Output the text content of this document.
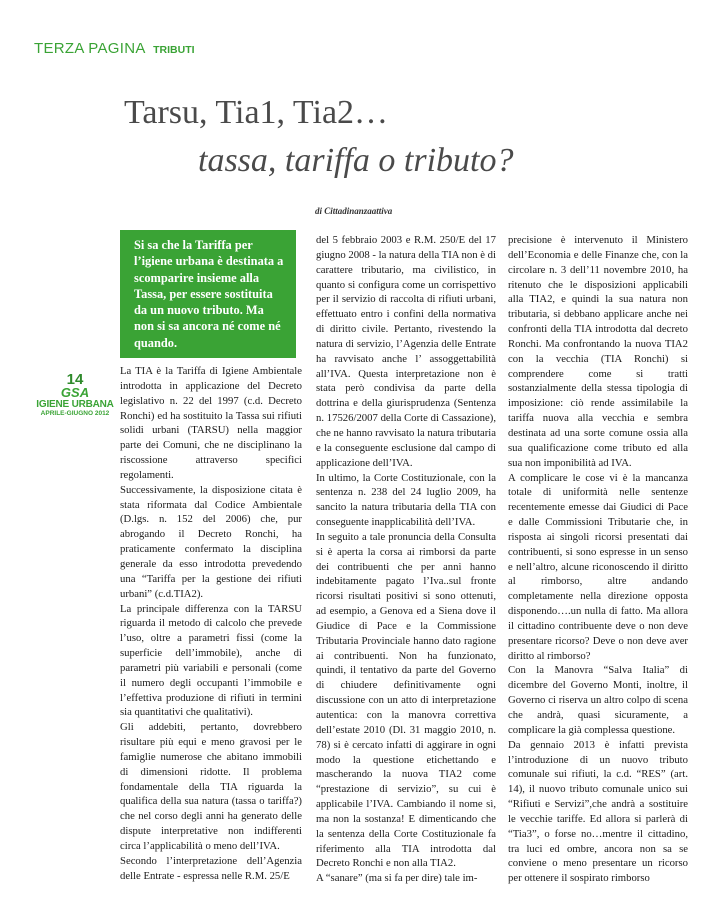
TERZA PAGINA TRIBUTI
Tarsu, Tia1, Tia2…
tassa, tariffa o tributo?
di Cittadinanzaattiva
Si sa che la Tariffa per l’igiene urbana è destinata a scomparire insieme alla Tassa, per essere sostituita da un nuovo tributo. Ma non si sa ancora né come né quando.
14
GSA
IGIENE URBANA
APRILE-GIUGNO 2012

La TIA è la Tariffa di Igiene Ambientale introdotta in applicazione del Decreto legislativo n. 22 del 1997 (c.d. Decreto Ronchi) ed ha sostituito la Tassa sui rifiuti solidi urbani (TARSU) nella maggior parte dei Comuni, che ne disciplinano la riscossione attraverso specifici regolamenti.

Successivamente, la disposizione citata è stata riformata dal Codice Ambientale (D.lgs. n. 152 del 2006) che, pur abrogando il Decreto Ronchi, ha praticamente confermato la disciplina generale da esso introdotta prevedendo una “Tariffa per la gestione dei rifiuti urbani” (c.d.TIA2).

La principale differenza con la TARSU riguarda il metodo di calcolo che prevede l’uso, oltre a parametri fissi (come la superficie dell’immobile), anche di parametri più variabili e personali (come il numero degli occupanti l’immobile e l’effettiva produzione di rifiuti in termini sia quantitativi che qualitativi).

Gli addebiti, pertanto, dovrebbero risultare più equi e meno gravosi per le famiglie numerose che abitano immobili di dimensioni ridotte. Il problema fondamentale della TIA riguarda la qualifica della sua natura (tassa o tariffa?) che nel corso degli anni ha generato delle dispute interpretative non indifferenti circa l’applicabilità o meno dell’IVA.

Secondo l’interpretazione dell’Agenzia delle Entrate - espressa nelle R.M. 25/E

del 5 febbraio 2003 e R.M. 250/E del 17 giugno 2008 - la natura della TIA non è di carattere tributario, ma civilistico, in quanto si configura come un corrispettivo per il servizio di raccolta di rifiuti urbani, effettuato entro i confini della normativa di diritto civile. Pertanto, rivestendo la natura di servizio, l’Agenzia delle Entrate ha ravvisato anche l’ assoggettabilità all’IVA. Questa interpretazione non è stata però condivisa da parte della dottrina e della giurisprudenza (Sentenza n. 17526/2007 della Corte di Cassazione), che ne hanno ravvisato la natura tributaria e la conseguente esclusione dal campo di applicazione dell’IVA.

In ultimo, la Corte Costituzionale, con la sentenza n. 238 del 24 luglio 2009, ha sancito la natura tributaria della TIA con conseguente inapplicabilità dell’IVA.

In seguito a tale pronuncia della Consulta si è aperta la corsa ai rimborsi da parte dei contribuenti che per anni hanno indebitamente pagato l’Iva..sul fronte ricorsi risultati positivi si sono ottenuti, ad esempio, a Genova ed a Siena dove il Giudice di Pace e la Commissione Tributaria Provinciale hanno dato ragione ai contribuenti. Non ha funzionato, quindi, il tentativo da parte del Governo di chiudere definitivamente ogni discussione con un atto di interpretazione autentica: con la manovra correttiva dell’estate 2010 (Dl. 31 maggio 2010, n. 78) si è cercato infatti di aggirare in ogni modo la questione etichettando e mascherando la nuova TIA2 come “prestazione di servizio”, su cui è applicabile l’IVA. Cambiando il nome sì, ma non la sostanza! E dimenticando che la sentenza della Corte Costituzionale fa riferimento alla TIA introdotta dal Decreto Ronchi e non alla TIA2.

A “sanare” (ma si fa per dire) tale im-

precisione è intervenuto il Ministero dell’Economia e delle Finanze che, con la circolare n. 3 dell’11 novembre 2010, ha ritenuto che le disposizioni applicabili alla TIA2, e quindi la sua natura non tributaria, si debbano applicare anche nei confronti della TIA introdotta dal decreto Ronchi. Ma confrontando la nuova TIA2 con la vecchia (TIA Ronchi) si comprendere come si tratti sostanzialmente della stessa tipologia di imposizione: ciò rende assimilabile la tariffa nuova alla vecchia e sembra destinata ad una sorte comune ossia alla sua qualificazione come tributo ed alla sua non imponibilità ad IVA.

A complicare le cose vi è la mancanza totale di uniformità nelle sentenze recentemente emesse dai Giudici di Pace e dalle Commissioni Tributarie che, in risposta ai singoli ricorsi presentati dai contribuenti, si sono espresse in un senso e nell’altro, alcune riconoscendo il diritto al rimborso, altre andando completamente nella direzione opposta disponendo….un nulla di fatto. Ma allora il cittadino contribuente deve o non deve presentare ricorso? Deve o non deve aver diritto al rimborso?

Con la Manovra “Salva Italia” di dicembre del Governo Monti, inoltre, il Governo ci riserva un altro colpo di scena che andrà, quasi sicuramente, a complicare la già complessa questione.

Da gennaio 2013 è infatti prevista l’introduzione di un nuovo tributo comunale sui rifiuti, la c.d. “RES” (art. 14), il nuovo tributo comunale unico sui “Rifiuti e Servizi”,che andrà a sostituire le vecchie tariffe. Ed allora si parlerà di “Tia3”, o forse no…mentre il cittadino, tra luci ed ombre, ancora non sa se conviene o meno presentare un ricorso per ottenere il sospirato rimborso
